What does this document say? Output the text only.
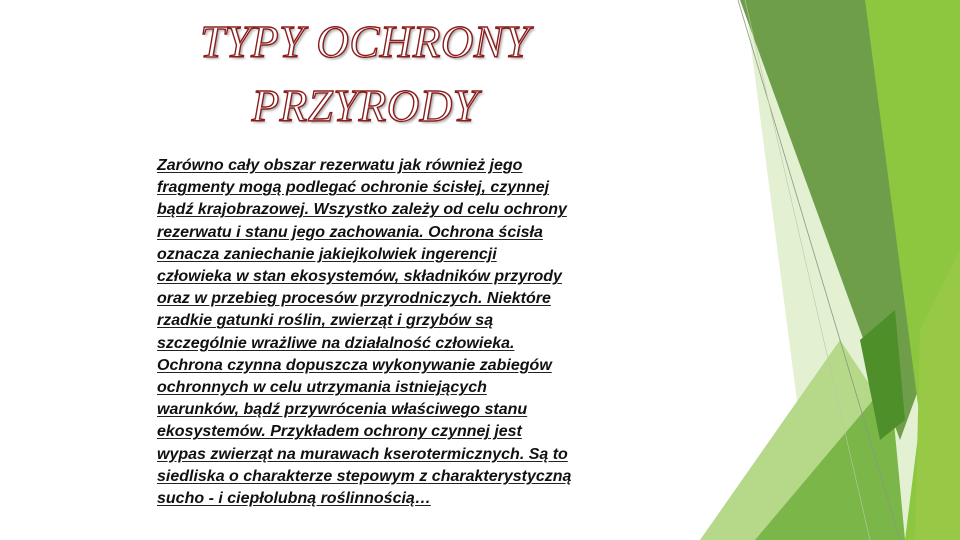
TYPY OCHRONY
PRZYRODY
Zarówno cały obszar rezerwatu jak również jego
fragmenty mogą podlegać ochronie ścisłej, czynnej
bądź krajobrazowej. Wszystko zależy od celu ochrony
rezerwatu i stanu jego zachowania. Ochrona ścisła
oznacza zaniechanie jakiejkolwiek ingerencji
człowieka w stan ekosystemów, składników przyrody
oraz w przebieg procesów przyrodniczych. Niektóre
rzadkie gatunki roślin, zwierząt i grzybów są
szczególnie wrażliwe na działalność człowieka.
Ochrona czynna dopuszcza wykonywanie zabiegów
ochronnych w celu utrzymania istniejących
warunków, bądź przywrócenia właściwego stanu
ekosystemów. Przykładem ochrony czynnej jest
wypas zwierząt na murawach kserotermicznych. Są to
siedliska o charakterze stepowym z charakterystyczną
sucho - i ciepłolubną roślinnością…
